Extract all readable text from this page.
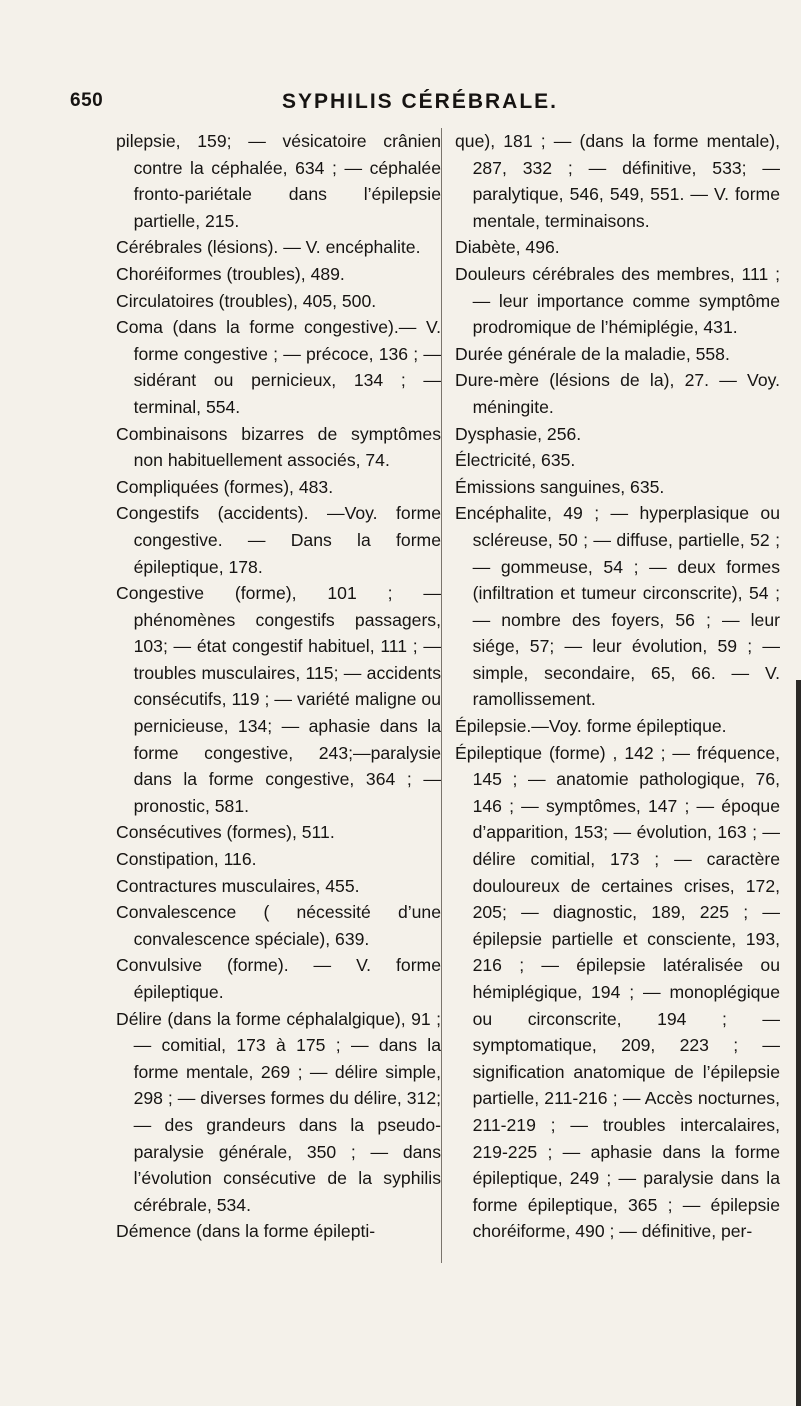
650	SYPHILIS CÉRÉBRALE.

pilepsie, 159; — vésicatoire crânien contre la céphalée, 634 ; — céphalée fronto-pariétale dans l’épilepsie partielle, 215.

Cérébrales (lésions). — V. encéphalite.

Choréiformes (troubles), 489.

Circulatoires (troubles), 405, 500.

Coma (dans la forme congestive).— V. forme congestive ; — précoce, 136 ; — sidérant ou pernicieux, 134 ; — terminal, 554.

Combinaisons bizarres de symptômes non habituellement associés, 74.

Compliquées (formes), 483.

Congestifs (accidents). —Voy. forme congestive. — Dans la forme épileptique, 178.

Congestive (forme), 101 ; — phénomènes congestifs passagers, 103; — état congestif habituel, 111 ; — troubles musculaires, 115; — accidents consécutifs, 119 ; — variété maligne ou pernicieuse, 134; — aphasie dans la forme congestive, 243;—paralysie dans la forme congestive, 364 ; — pronostic, 581.

Consécutives (formes), 511.

Constipation, 116.

Contractures musculaires, 455.

Convalescence ( nécessité d’une convalescence spéciale), 639.

Convulsive (forme). — V. forme épileptique.

Délire (dans la forme céphalalgique), 91 ; — comitial, 173 à 175 ; — dans la forme mentale, 269 ; — délire simple, 298 ; — diverses formes du délire, 312; — des grandeurs dans la pseudo-paralysie générale, 350 ; — dans l’évolution consécutive de la syphilis cérébrale, 534.

Démence (dans la forme épilepti-

que), 181 ; — (dans la forme mentale), 287, 332 ; — définitive, 533; — paralytique, 546, 549, 551. — V. forme mentale, terminaisons.

Diabète, 496.

Douleurs cérébrales des membres, 111 ; — leur importance comme symptôme prodromique de l’hémiplégie, 431.

Durée générale de la maladie, 558.

Dure-mère (lésions de la), 27. — Voy. méningite.

Dysphasie, 256.

Électricité, 635.

Émissions sanguines, 635.

Encéphalite, 49 ; — hyperplasique ou scléreuse, 50 ; — diffuse, partielle, 52 ; — gommeuse, 54 ; — deux formes (infiltration et tumeur circonscrite), 54 ; — nombre des foyers, 56 ; — leur siége, 57; — leur évolution, 59 ; — simple, secondaire, 65, 66. — V. ramollissement.

Épilepsie.—Voy. forme épileptique.

Épileptique (forme) , 142 ; — fréquence, 145 ; — anatomie pathologique, 76, 146 ; — symptômes, 147 ; — époque d’apparition, 153; — évolution, 163 ; — délire comitial, 173 ; — caractère douloureux de certaines crises, 172, 205; — diagnostic, 189, 225 ; — épilepsie partielle et consciente, 193, 216 ; — épilepsie latéralisée ou hémiplégique, 194 ; — monoplégique ou circonscrite, 194 ; — symptomatique, 209, 223 ; — signification anatomique de l’épilepsie partielle, 211-216 ; — Accès nocturnes, 211-219 ; — troubles intercalaires, 219-225 ; — aphasie dans la forme épileptique, 249 ; — paralysie dans la forme épileptique, 365 ; — épilepsie choréiforme, 490 ; — définitive, per-
